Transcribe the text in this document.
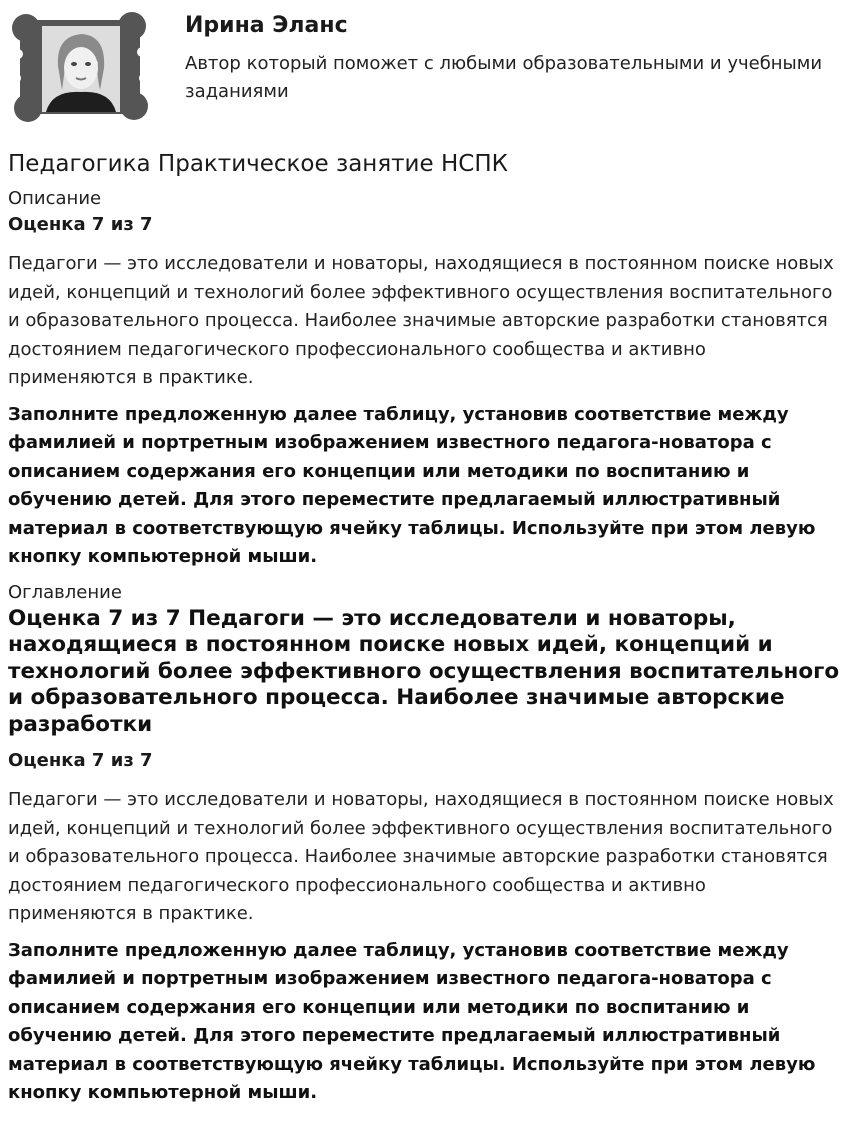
Ирина Эланс
Автор который поможет с любыми образовательными и учебными заданиями
Педагогика Практическое занятие НСПК
Описание
Оценка 7 из 7

Педагоги — это исследователи и новаторы, находящиеся в постоянном поиске новых идей, концепций и технологий более эффективного осуществления воспитательного и образовательного процесса. Наиболее значимые авторские разработки становятся достоянием педагогического профессионального сообщества и активно применяются в практике.

Заполните предложенную далее таблицу, установив соответствие между фамилией и портретным изображением известного педагога-новатора с описанием содержания его концепции или методики по воспитанию и обучению детей. Для этого переместите предлагаемый иллюстративный материал в соответствующую ячейку таблицы. Используйте при этом левую кнопку компьютерной мыши.

Оглавление
Оценка 7 из 7 Педагоги — это исследователи и новаторы, находящиеся в постоянном поиске новых идей, концепций и технологий более эффективного осуществления воспитательного и образовательного процесса. Наиболее значимые авторские разработки
Оценка 7 из 7

Педагоги — это исследователи и новаторы, находящиеся в постоянном поиске новых идей, концепций и технологий более эффективного осуществления воспитательного и образовательного процесса. Наиболее значимые авторские разработки становятся достоянием педагогического профессионального сообщества и активно применяются в практике.

Заполните предложенную далее таблицу, установив соответствие между фамилией и портретным изображением известного педагога-новатора с описанием содержания его концепции или методики по воспитанию и обучению детей. Для этого переместите предлагаемый иллюстративный материал в соответствующую ячейку таблицы. Используйте при этом левую кнопку компьютерной мыши.
